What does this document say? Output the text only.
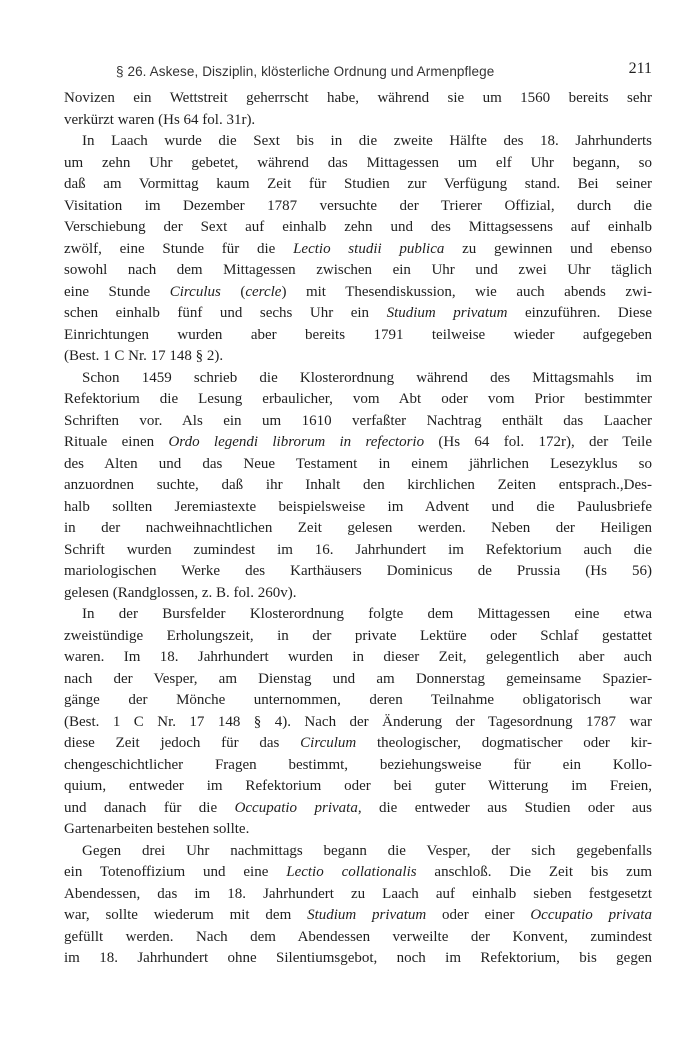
§ 26. Askese, Disziplin, klösterliche Ordnung und Armenpflege	211
Novizen ein Wettstreit geherrscht habe, während sie um 1560 bereits sehr
verkürzt waren (Hs 64 fol. 31r).
In Laach wurde die Sext bis in die zweite Hälfte des 18. Jahrhunderts
um zehn Uhr gebetet, während das Mittagessen um elf Uhr begann, so
daß am Vormittag kaum Zeit für Studien zur Verfügung stand. Bei seiner
Visitation im Dezember 1787 versuchte der Trierer Offizial, durch die
Verschiebung der Sext auf einhalb zehn und des Mittagsessens auf einhalb
zwölf, eine Stunde für die Lectio studii publica zu gewinnen und ebenso
sowohl nach dem Mittagessen zwischen ein Uhr und zwei Uhr täglich
eine Stunde Circulus (cercle) mit Thesendiskussion, wie auch abends zwi-
schen einhalb fünf und sechs Uhr ein Studium privatum einzuführen. Diese
Einrichtungen wurden aber bereits 1791 teilweise wieder aufgegeben
(Best. 1 C Nr. 17 148 § 2).
Schon 1459 schrieb die Klosterordnung während des Mittagsmahls im
Refektorium die Lesung erbaulicher, vom Abt oder vom Prior bestimmter
Schriften vor. Als ein um 1610 verfaßter Nachtrag enthält das Laacher
Rituale einen Ordo legendi librorum in refectorio (Hs 64 fol. 172r), der Teile
des Alten und das Neue Testament in einem jährlichen Lesezyklus so
anzuordnen suchte, daß ihr Inhalt den kirchlichen Zeiten entsprach.,Des-
halb sollten Jeremiastexte beispielsweise im Advent und die Paulusbriefe
in der nachweihnachtlichen Zeit gelesen werden. Neben der Heiligen
Schrift wurden zumindest im 16. Jahrhundert im Refektorium auch die
mariologischen Werke des Karthäusers Dominicus de Prussia (Hs 56)
gelesen (Randglossen, z. B. fol. 260v).
In der Bursfelder Klosterordnung folgte dem Mittagessen eine etwa
zweistündige Erholungszeit, in der private Lektüre oder Schlaf gestattet
waren. Im 18. Jahrhundert wurden in dieser Zeit, gelegentlich aber auch
nach der Vesper, am Dienstag und am Donnerstag gemeinsame Spazier-
gänge der Mönche unternommen, deren Teilnahme obligatorisch war
(Best. 1 C Nr. 17 148 § 4). Nach der Änderung der Tagesordnung 1787 war
diese Zeit jedoch für das Circulum theologischer, dogmatischer oder kir-
chengeschichtlicher Fragen bestimmt, beziehungsweise für ein Kollo-
quium, entweder im Refektorium oder bei guter Witterung im Freien,
und danach für die Occupatio privata, die entweder aus Studien oder aus
Gartenarbeiten bestehen sollte.
Gegen drei Uhr nachmittags begann die Vesper, der sich gegebenfalls
ein Totenoffizium und eine Lectio collationalis anschloß. Die Zeit bis zum
Abendessen, das im 18. Jahrhundert zu Laach auf einhalb sieben festgesetzt
war, sollte wiederum mit dem Studium privatum oder einer Occupatio privata
gefüllt werden. Nach dem Abendessen verweilte der Konvent, zumindest
im 18. Jahrhundert ohne Silentiumsgebot, noch im Refektorium, bis gegen
